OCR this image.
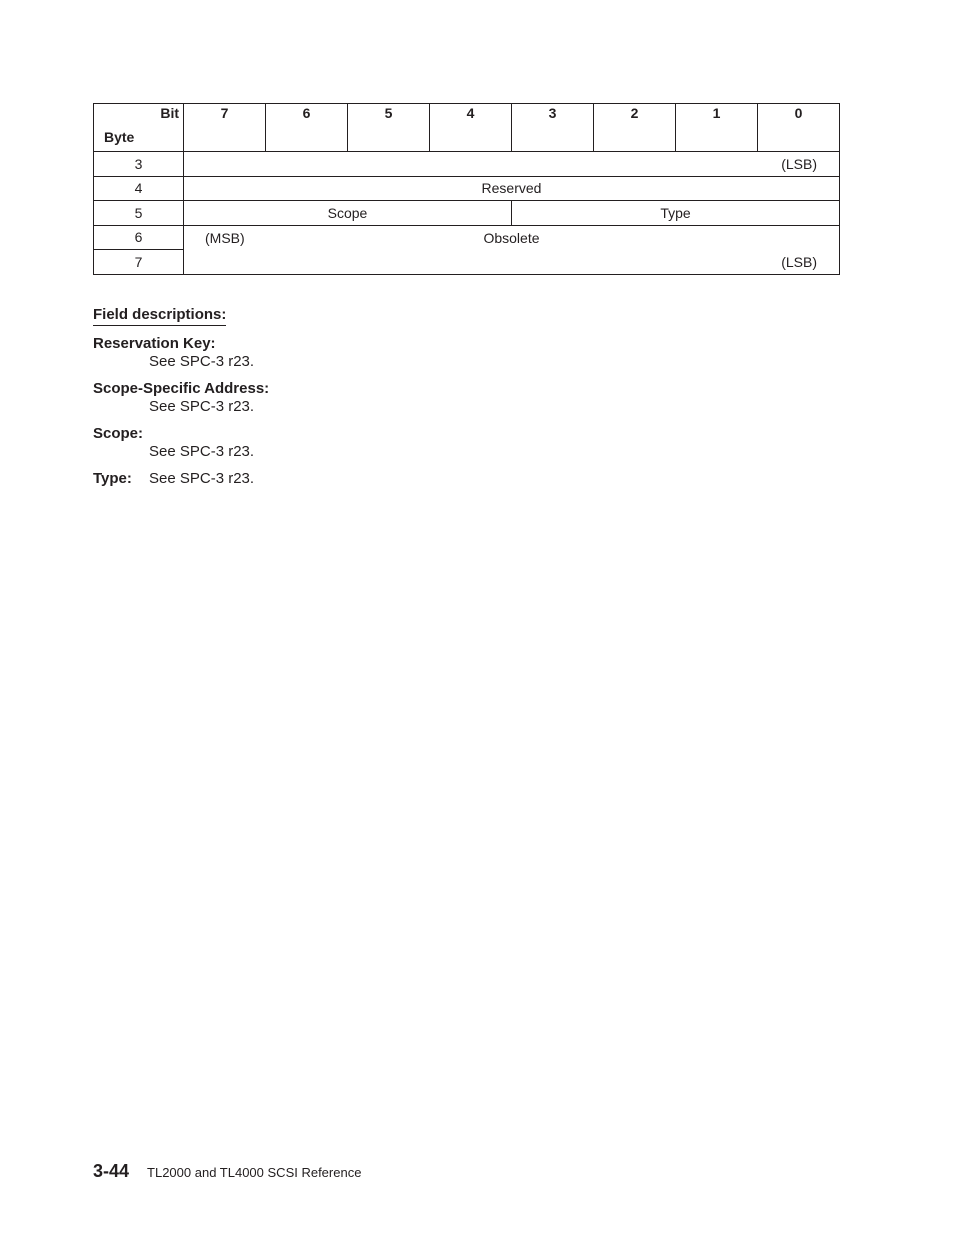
Bit
Byte	7	6	5	4	3	2	1	0
3	(LSB)							

4	Reserved							
5	Scope				Type			
6	(MSB) Obsolete							

7	(LSB)							
Field descriptions:
Reservation Key:
See SPC-3 r23.
Scope-Specific Address:
See SPC-3 r23.
Scope:
See SPC-3 r23.
Type:	See SPC-3 r23.
3-44 TL2000 and TL4000 SCSI Reference
